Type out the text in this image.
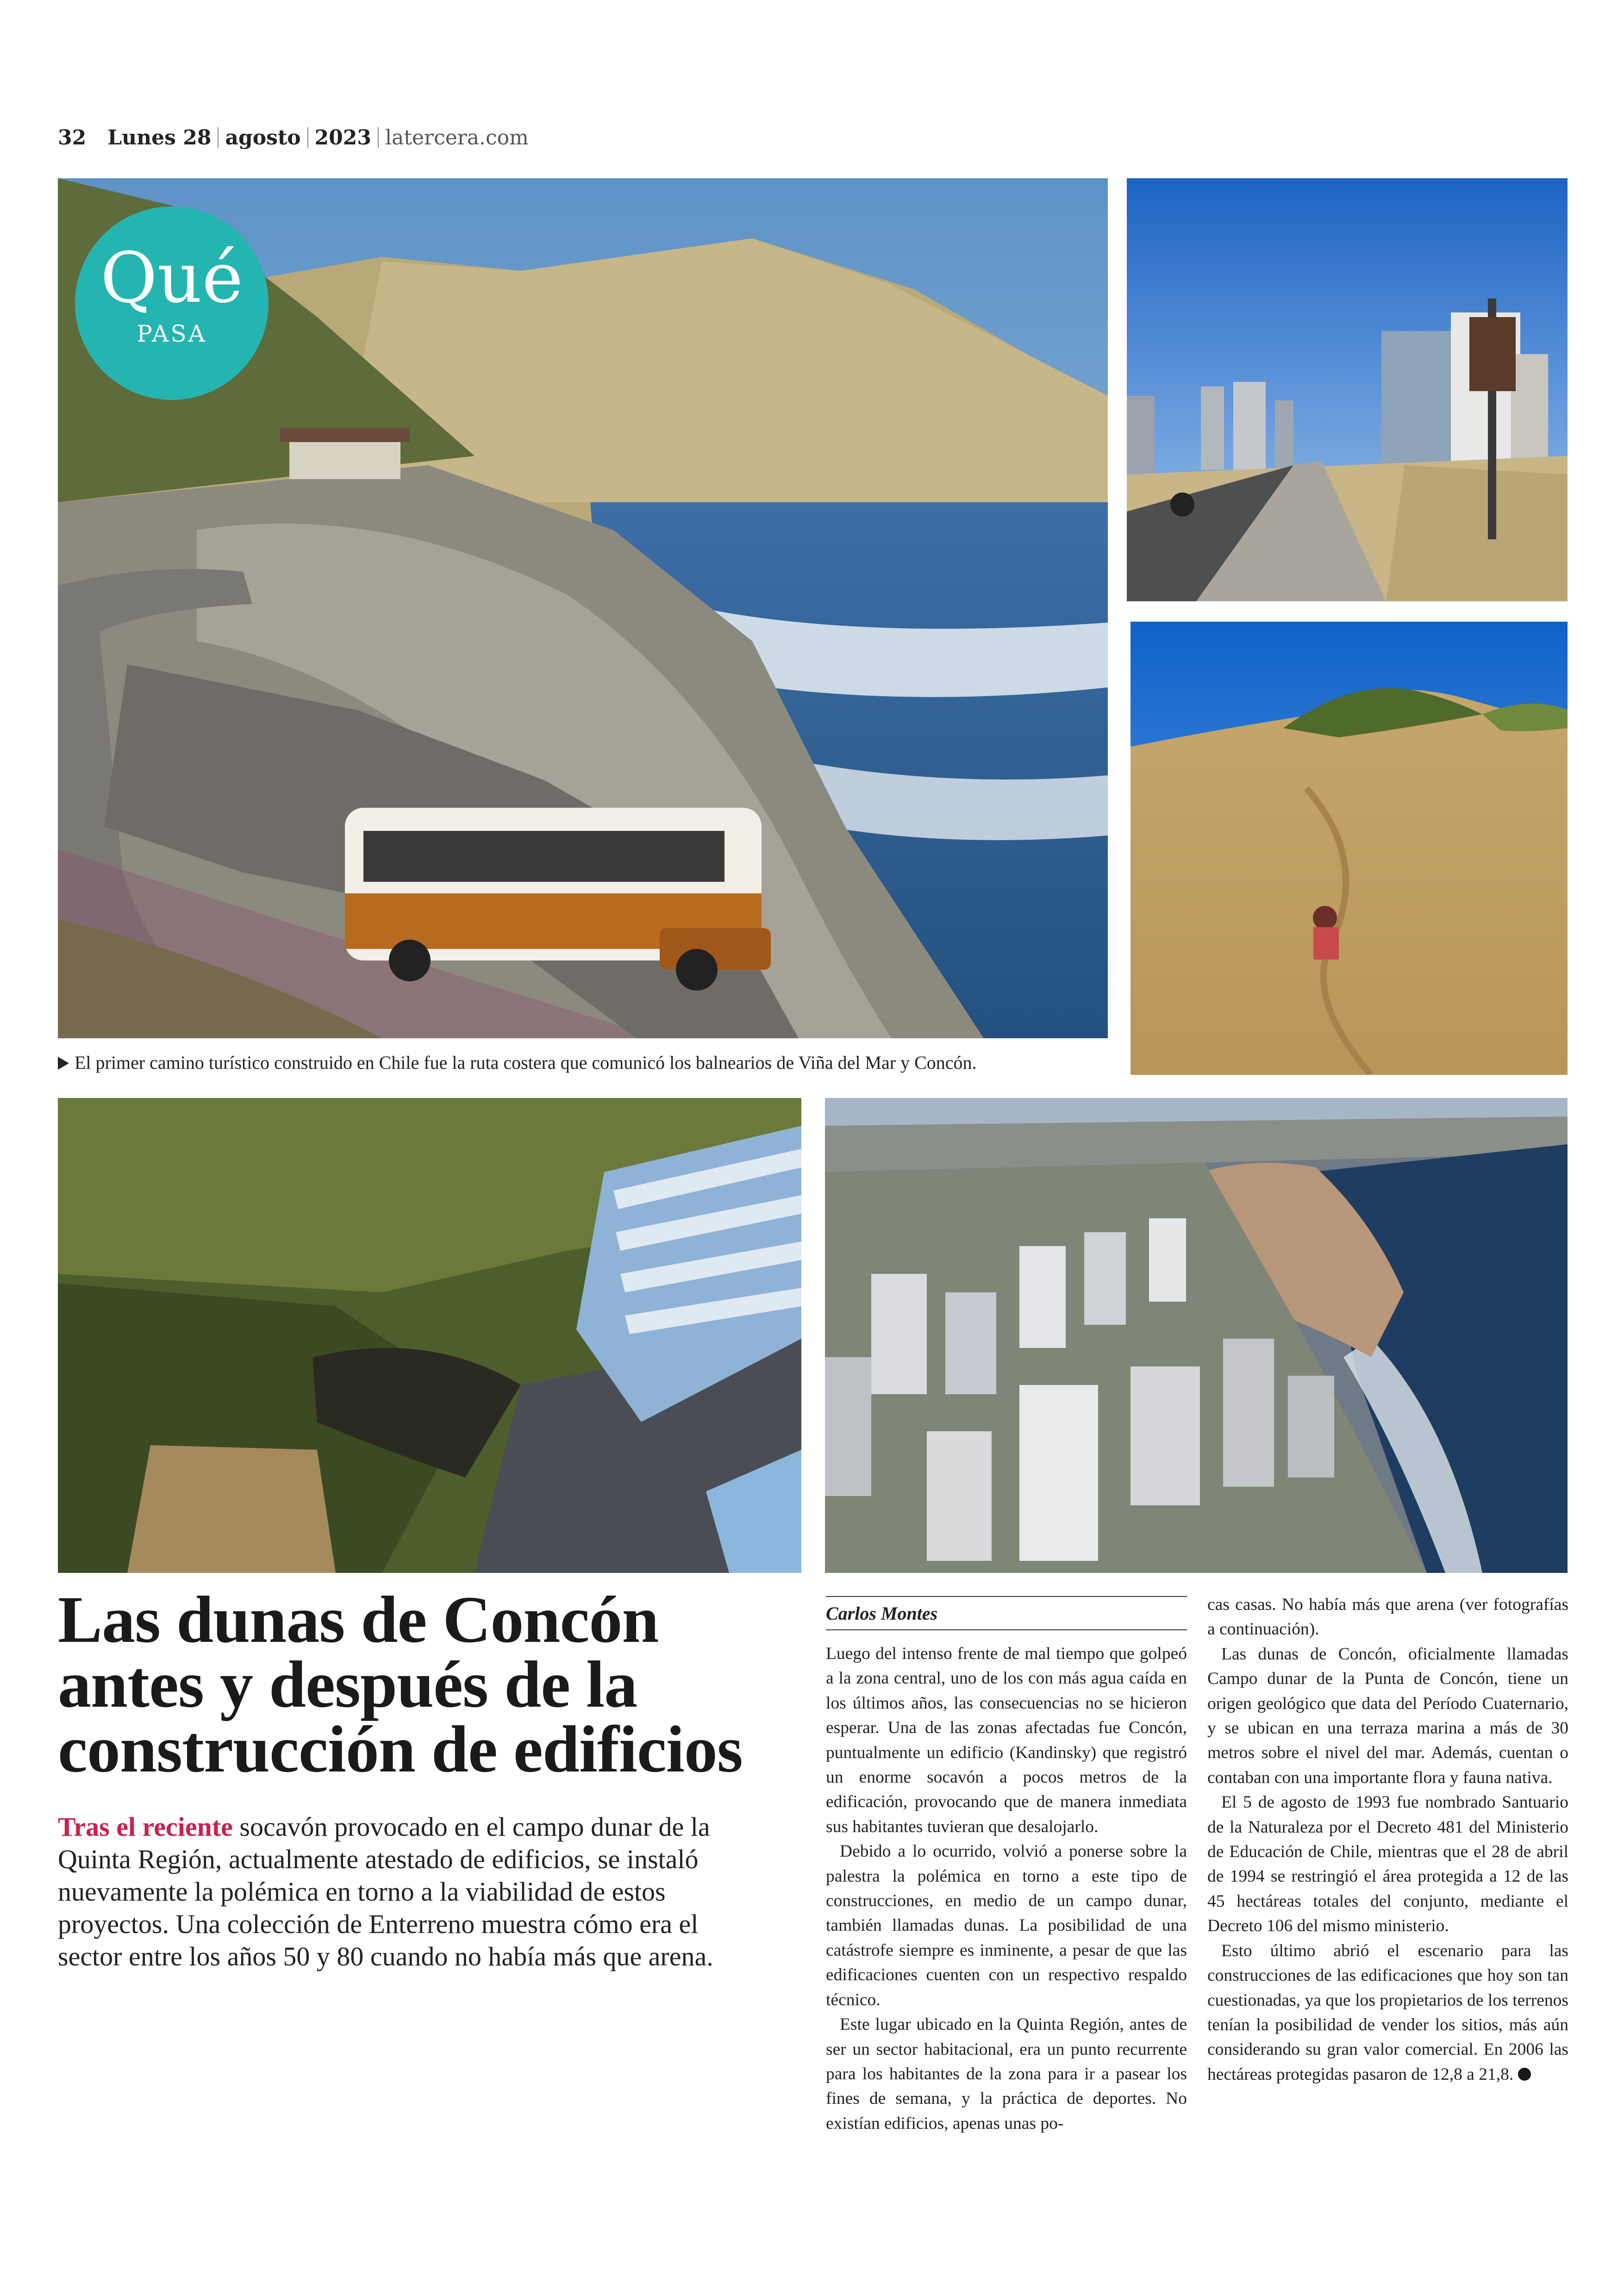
32 Lunes 28 agosto 2023 latercera.com
Qué
PASA
El primer camino turístico construido en Chile fue la ruta costera que comunicó los balnearios de Viña del Mar y Concón.
Las dunas de Concón antes y después de la construcción de edificios
Tras el reciente socavón provocado en el campo dunar de la Quinta Región, actualmente atestado de edificios, se instaló nuevamente la polémica en torno a la viabilidad de estos proyectos. Una colección de Enterreno muestra cómo era el sector entre los años 50 y 80 cuando no había más que arena.
Carlos Montes

Luego del intenso frente de mal tiempo que golpeó a la zona central, uno de los con más agua caída en los últimos años, las consecuencias no se hicieron esperar. Una de las zonas afectadas fue Concón, puntualmente un edificio (Kandinsky) que registró un enorme socavón a pocos metros de la edificación, provocando que de manera inmediata sus habitantes tuvieran que desalojarlo.

Debido a lo ocurrido, volvió a ponerse sobre la palestra la polémica en torno a este tipo de construcciones, en medio de un campo dunar, también llamadas dunas. La posibilidad de una catástrofe siempre es inminente, a pesar de que las edificaciones cuenten con un respectivo respaldo técnico.

Este lugar ubicado en la Quinta Región, antes de ser un sector habitacional, era un punto recurrente para los habitantes de la zona para ir a pasear los fines de semana, y la práctica de deportes. No existían edificios, apenas unas po-

cas casas. No había más que arena (ver fotografías a continuación).

Las dunas de Concón, oficialmente llamadas Campo dunar de la Punta de Concón, tiene un origen geológico que data del Período Cuaternario, y se ubican en una terraza marina a más de 30 metros sobre el nivel del mar. Además, cuentan o contaban con una importante flora y fauna nativa.

El 5 de agosto de 1993 fue nombrado Santuario de la Naturaleza por el Decreto 481 del Ministerio de Educación de Chile, mientras que el 28 de abril de 1994 se restringió el área protegida a 12 de las 45 hectáreas totales del conjunto, mediante el Decreto 106 del mismo ministerio.

Esto último abrió el escenario para las construcciones de las edificaciones que hoy son tan cuestionadas, ya que los propietarios de los terrenos tenían la posibilidad de vender los sitios, más aún considerando su gran valor comercial. En 2006 las hectáreas protegidas pasaron de 12,8 a 21,8.
